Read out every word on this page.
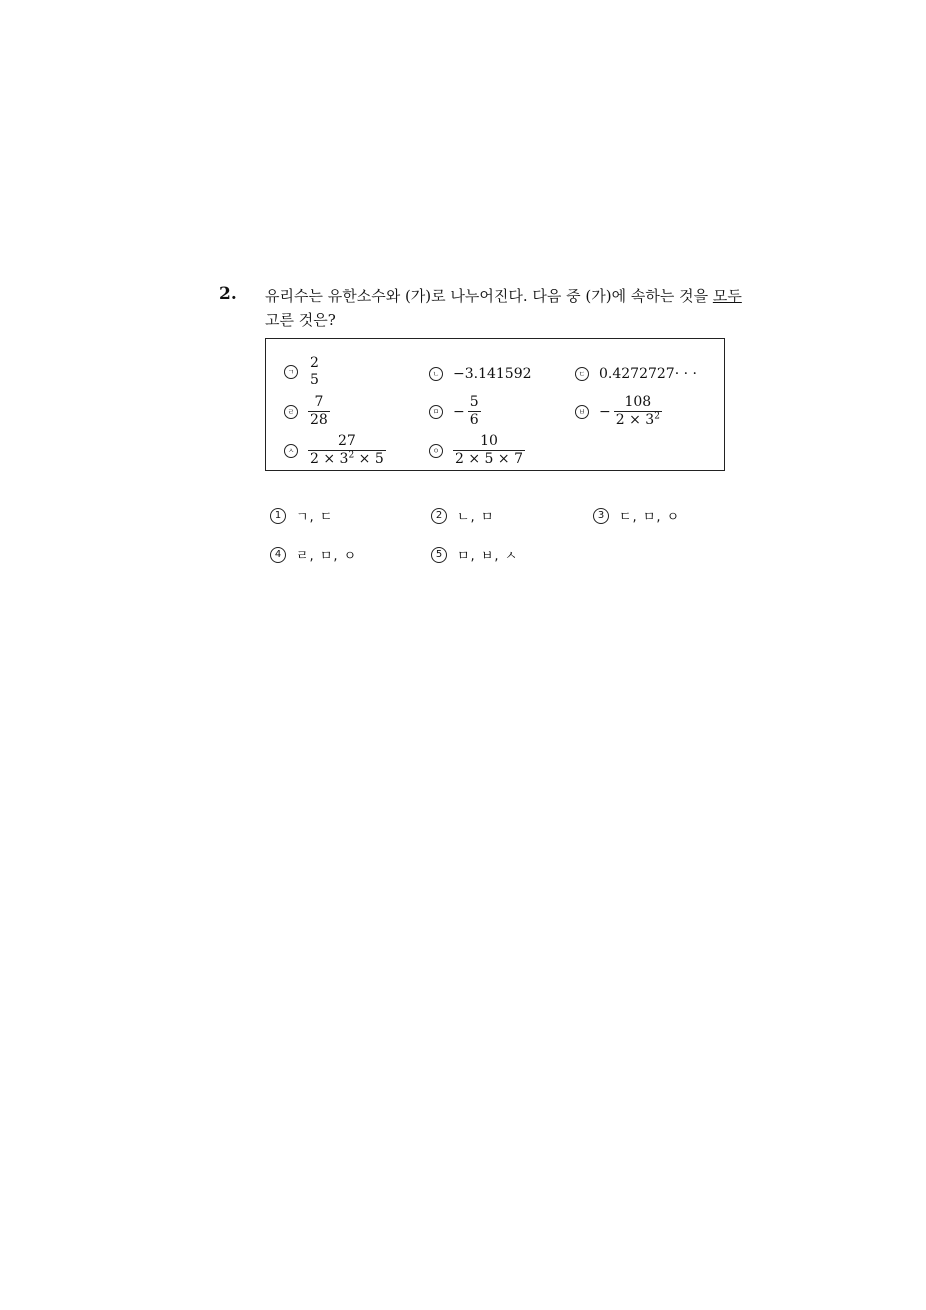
2. 유리수는 유한소수와 (가)로 나누어진다. 다음 중 (가)에 속하는 것을 모두
고른 것은?
ㄱ
2
5	ㄴ −3.141592	ㄷ 0.4272727· · ·
ㄹ $\frac{7}{28}$	ㅁ − $\frac{5}{6}$	ㅂ − $\frac{108}{2 \times 3^2}$
ㅅ $\frac{27}{2 \times 3^2 \times 5}$	ㅇ $\frac{10}{2 \times 5 \times 7}$
1	ㄱ, ㄷ	2	ㄴ, ㅁ	3	ㄷ, ㅁ, ㅇ
4	ㄹ, ㅁ, ㅇ	5	ㅁ, ㅂ, ㅅ
